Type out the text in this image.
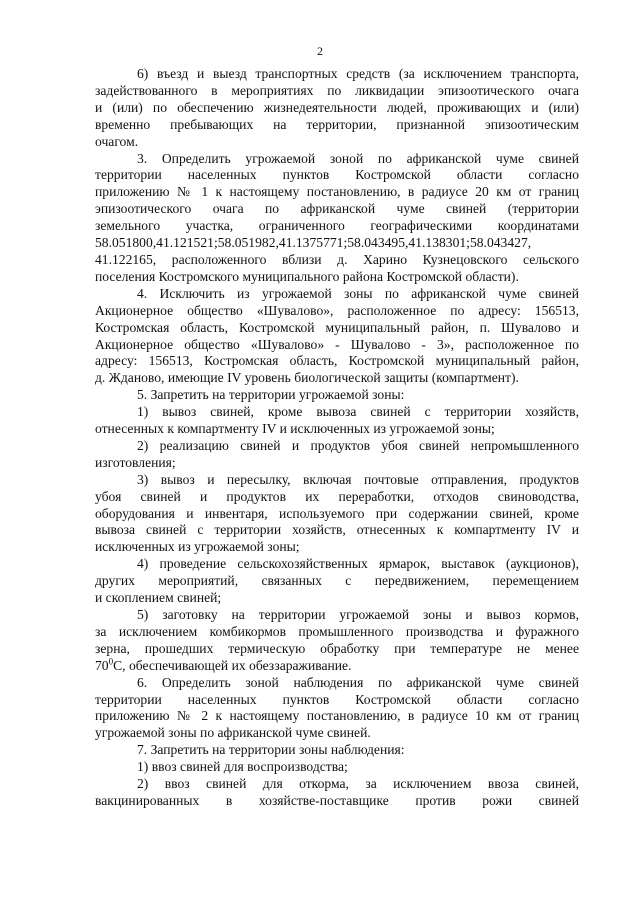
2
6) въезд и выезд транспортных средств (за исключением транспорта,
задействованного в мероприятиях по ликвидации эпизоотического очага
и (или) по обеспечению жизнедеятельности людей, проживающих и (или)
временно пребывающих на территории, признанной эпизоотическим
очагом.
3. Определить угрожаемой зоной по африканской чуме свиней
территории населенных пунктов Костромской области согласно
приложению № 1 к настоящему постановлению, в радиусе 20 км от границ
эпизоотического очага по африканской чуме свиней (территории
земельного участка, ограниченного географическими координатами
58.051800,41.121521;58.051982,41.1375771;58.043495,41.138301;58.043427,
41.122165, расположенного вблизи д. Харино Кузнецовского сельского
поселения Костромского муниципального района Костромской области).
4. Исключить из угрожаемой зоны по африканской чуме свиней
Акционерное общество «Шувалово», расположенное по адресу: 156513,
Костромская область, Костромской муниципальный район, п. Шувалово и
Акционерное общество «Шувалово» - Шувалово - 3», расположенное по
адресу: 156513, Костромская область, Костромской муниципальный район,
д. Жданово, имеющие IV уровень биологической защиты (компартмент).
5. Запретить на территории угрожаемой зоны:
1) вывоз свиней, кроме вывоза свиней с территории хозяйств,
отнесенных к компартменту IV и исключенных из угрожаемой зоны;
2) реализацию свиней и продуктов убоя свиней непромышленного
изготовления;
3) вывоз и пересылку, включая почтовые отправления, продуктов
убоя свиней и продуктов их переработки, отходов свиноводства,
оборудования и инвентаря, используемого при содержании свиней, кроме
вывоза свиней с территории хозяйств, отнесенных к компартменту IV и
исключенных из угрожаемой зоны;
4) проведение сельскохозяйственных ярмарок, выставок (аукционов),
других мероприятий, связанных с передвижением, перемещением
и скоплением свиней;
5) заготовку на территории угрожаемой зоны и вывоз кормов,
за исключением комбикормов промышленного производства и фуражного
зерна, прошедших термическую обработку при температуре не менее
$70^0С$, обеспечивающей их обеззараживание.
6. Определить зоной наблюдения по африканской чуме свиней
территории населенных пунктов Костромской области согласно
приложению № 2 к настоящему постановлению, в радиусе 10 км от границ
угрожаемой зоны по африканской чуме свиней.
7. Запретить на территории зоны наблюдения:
1) ввоз свиней для воспроизводства;
2) ввоз свиней для откорма, за исключением ввоза свиней,
вакцинированных в хозяйстве-поставщике против рожи свиней
